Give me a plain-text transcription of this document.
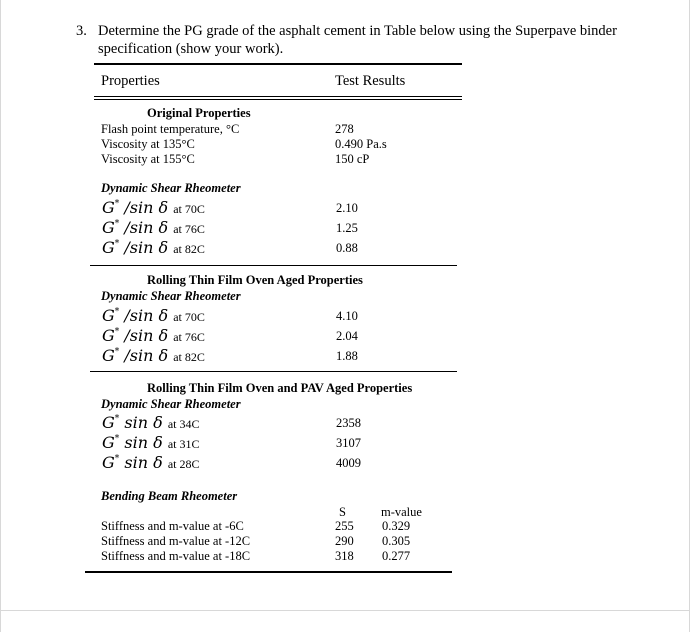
3. Determine the PG grade of the asphalt cement in Table below using the Superpave binder
specification (show your work).
Properties	Test Results
Original Properties
Flash point temperature, °C	278
Viscosity at 135°C	0.490 Pa.s
Viscosity at 155°C	150 cP
Dynamic Shear Rheometer
G* /sin δ at 70C	2.10
G* /sin δ at 76C	1.25
G* /sin δ at 82C	0.88
Rolling Thin Film Oven Aged Properties
Dynamic Shear Rheometer
G* /sin δ at 70C	4.10
G* /sin δ at 76C	2.04
G* /sin δ at 82C	1.88
Rolling Thin Film Oven and PAV Aged Properties
Dynamic Shear Rheometer
G* sin δ at 34C	2358
G* sin δ at 31C	3107
G* sin δ at 28C	4009
Bending Beam Rheometer
S	m-value
Stiffness and m-value at -6C	255 0.329
Stiffness and m-value at -12C	290 0.305
Stiffness and m-value at -18C	318 0.277
